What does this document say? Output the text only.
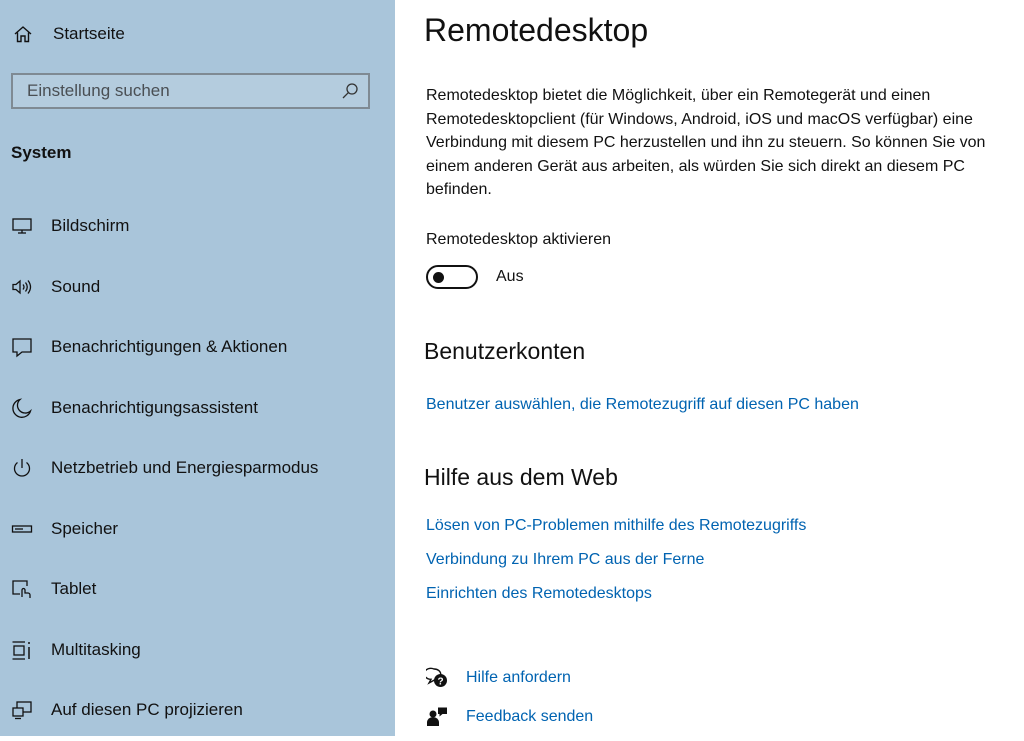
Startseite
Einstellung suchen
System
Bildschirm
Sound
Benachrichtigungen & Aktionen
Benachrichtigungsassistent
Netzbetrieb und Energiesparmodus
Speicher
Tablet
Multitasking
Auf diesen PC projizieren
Remotedesktop
Remotedesktop bietet die Möglichkeit, über ein Remotegerät und einen Remotedesktopclient (für Windows, Android, iOS und macOS verfügbar) eine Verbindung mit diesem PC herzustellen und ihn zu steuern. So können Sie von einem anderen Gerät aus arbeiten, als würden Sie sich direkt an diesem PC befinden.
Remotedesktop aktivieren
Aus
Benutzerkonten
Benutzer auswählen, die Remotezugriff auf diesen PC haben
Hilfe aus dem Web
Lösen von PC-Problemen mithilfe des Remotezugriffs
Verbindung zu Ihrem PC aus der Ferne
Einrichten des Remotedesktops
? Hilfe anfordern
Feedback senden
